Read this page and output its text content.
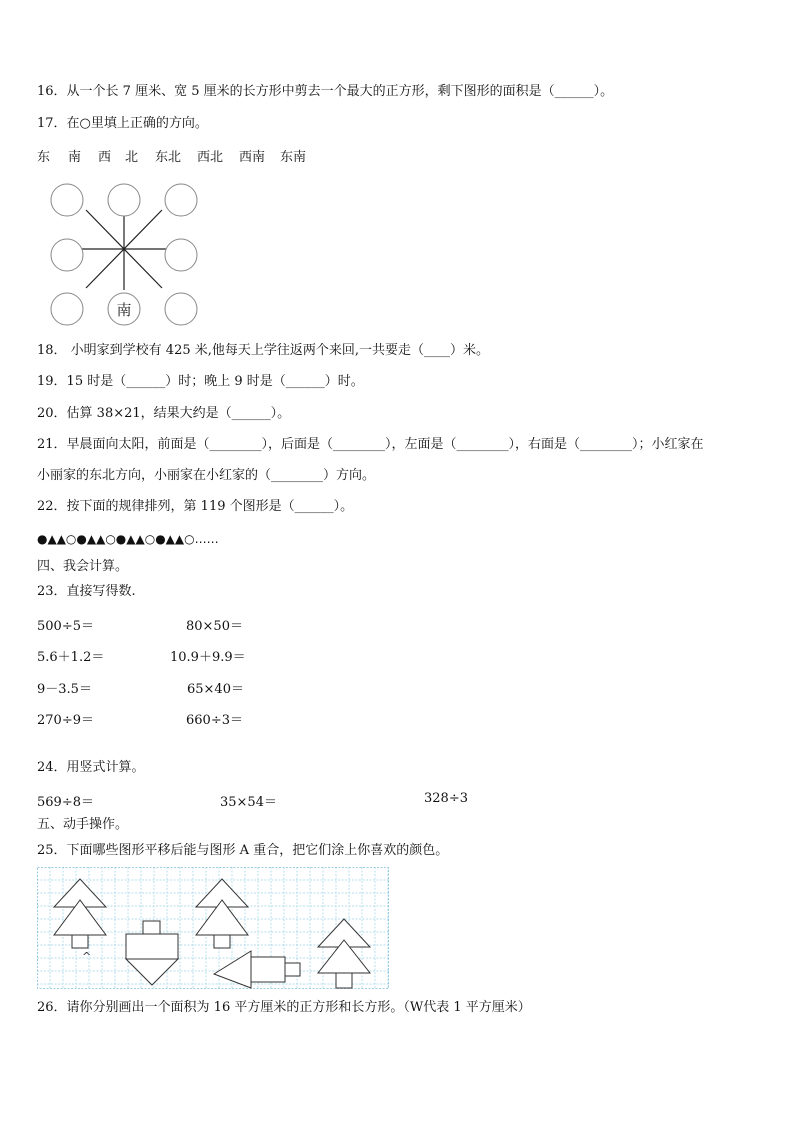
16．从一个长 7 厘米、宽 5 厘米的长方形中剪去一个最大的正方形，剩下图形的面积是（______）。
17．在○里填上正确的方向。
东 南 西 北 东北 西北 西南 东南
南
18． 小明家到学校有 425 米,他每天上学往返两个来回,一共要走（____）米。
19．15 时是（______）时；晚上 9 时是（______）时。
20．估算 38×21，结果大约是（______）。
21．早晨面向太阳，前面是（________），后面是（________），左面是（________），右面是（________）；小红家在
小丽家的东北方向，小丽家在小红家的（________）方向。
22．按下面的规律排列，第 119 个图形是（______）。
●▲▲○●▲▲○●▲▲○●▲▲○……
四、我会计算。
23．直接写得数.
500÷5＝	80×50＝
5.6＋1.2＝	10.9＋9.9＝
9－3.5＝	65×40＝
270÷9＝	660÷3＝
24．用竖式计算。
569÷8＝	35×54＝	328÷3
五、动手操作。
25．下面哪些图形平移后能与图形 A 重合，把它们涂上你喜欢的颜色。
^
26．请你分别画出一个面积为 16 平方厘米的正方形和长方形。（W代表 1 平方厘米）
